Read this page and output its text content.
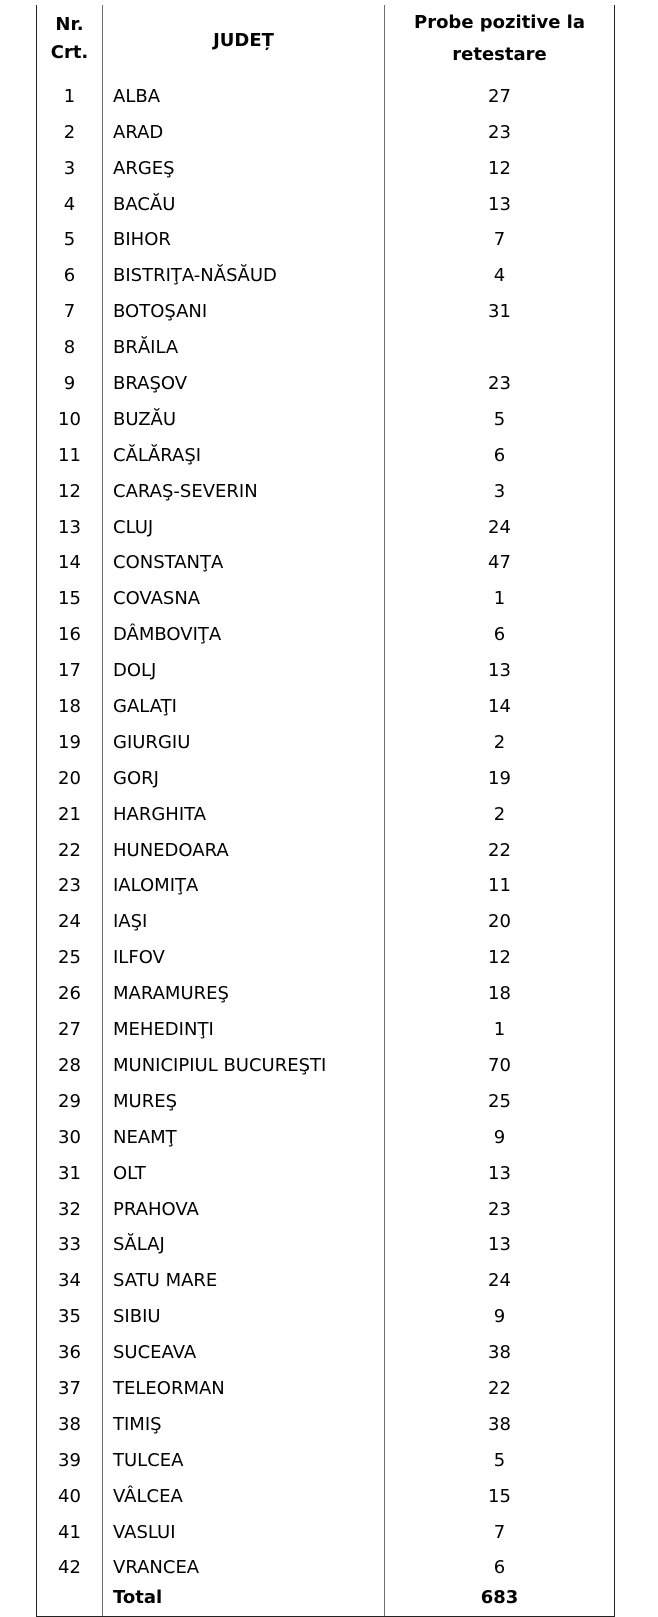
Nr.
Crt.	JUDEȚ	Probe pozitive la
retestare

1	ALBA	27
2	ARAD	23
3	ARGEŞ	12
4	BACĂU	13
5	BIHOR	7
6	BISTRIŢA-NĂSĂUD	4
7	BOTOŞANI	31
8	BRĂILA	
9	BRAŞOV	23
10	BUZĂU	5
11	CĂLĂRAŞI	6
12	CARAŞ-SEVERIN	3
13	CLUJ	24
14	CONSTANŢA	47
15	COVASNA	1
16	DÂMBOVIŢA	6
17	DOLJ	13
18	GALAŢI	14
19	GIURGIU	2
20	GORJ	19
21	HARGHITA	2
22	HUNEDOARA	22
23	IALOMIŢA	11
24	IAŞI	20
25	ILFOV	12
26	MARAMUREŞ	18
27	MEHEDINŢI	1
28	MUNICIPIUL BUCUREŞTI	70
29	MUREŞ	25
30	NEAMŢ	9
31	OLT	13
32	PRAHOVA	23
33	SĂLAJ	13
34	SATU MARE	24
35	SIBIU	9
36	SUCEAVA	38
37	TELEORMAN	22
38	TIMIŞ	38
39	TULCEA	5
40	VÂLCEA	15
41	VASLUI	7
42	VRANCEA	6
	Total	683
